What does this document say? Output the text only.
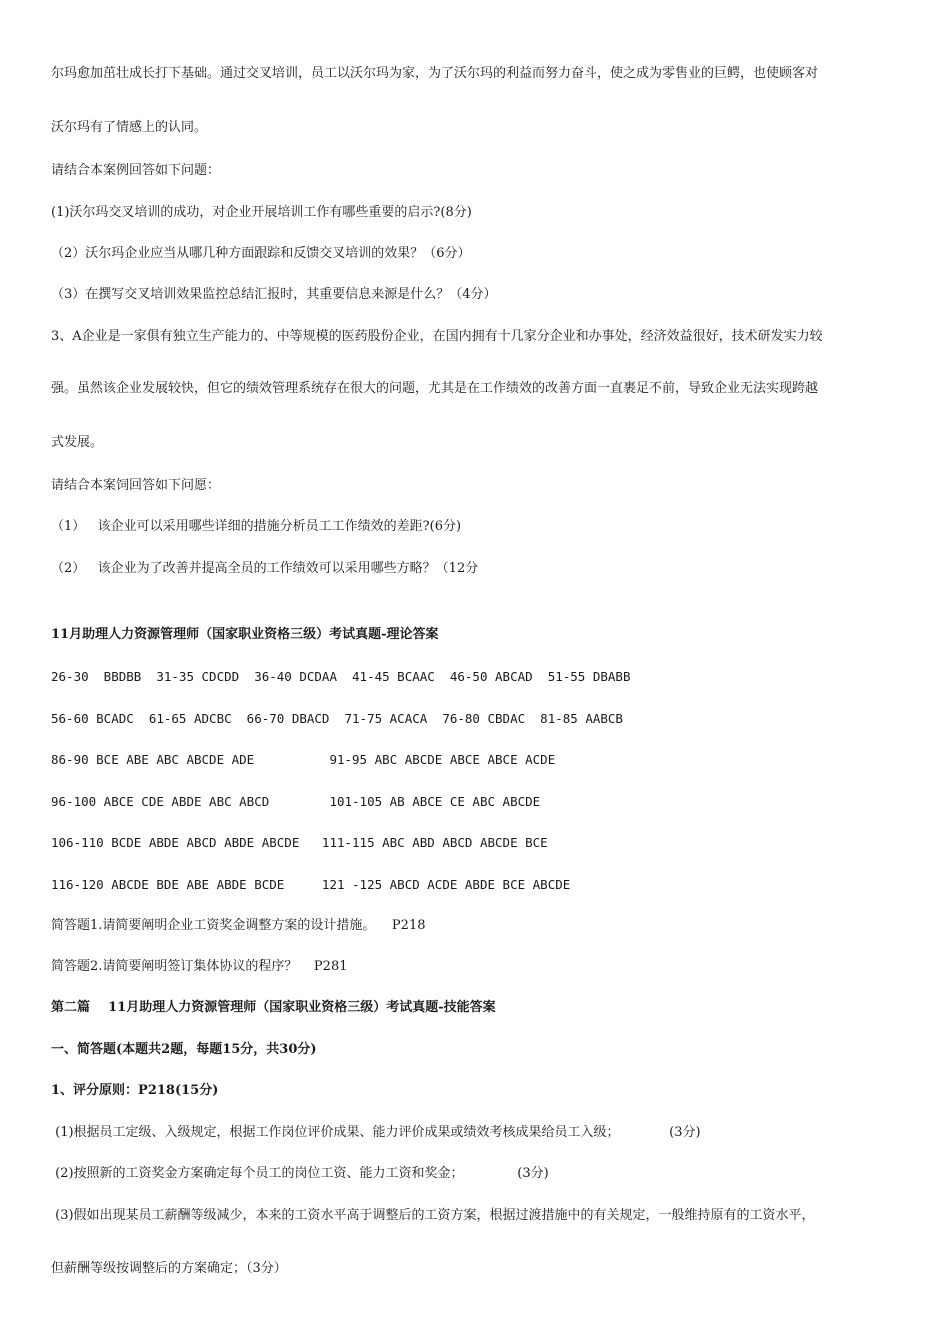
尔玛愈加茁壮成长打下基础。通过交叉培训，员工以沃尔玛为家，为了沃尔玛的利益而努力奋斗，使之成为零售业的巨鳄，也使顾客对
沃尔玛有了情感上的认同。
请结合本案例回答如下问题：
(1)沃尔玛交叉培训的成功，对企业开展培训工作有哪些重要的启示?(8分)
（2）沃尔玛企业应当从哪几种方面跟踪和反馈交叉培训的效果？（6分）
（3）在撰写交叉培训效果监控总结汇报时，其重要信息来源是什么？（4分）
3、A企业是一家俱有独立生产能力的、中等规模的医药股份企业，在国内拥有十几家分企业和办事处，经济效益很好，技术研发实力较
强。虽然该企业发展较快，但它的绩效管理系统存在很大的问题，尤其是在工作绩效的改善方面一直裹足不前，导致企业无法实现跨越
式发展。
请结合本案饲回答如下问愿：
（1）   该企业可以采用哪些详细的措施分析员工工作绩效的差距?(6分)
（2）   该企业为了改善并提高全员的工作绩效可以采用哪些方略？（12分
11月助理人力资源管理师（国家职业资格三级）考试真题-理论答案
26-30  BBDBB  31-35 CDCDD  36-40 DCDAA  41-45 BCAAC  46-50 ABCAD  51-55 DBABB
56-60 BCADC  61-65 ADCBC  66-70 DBACD  71-75 ACACA  76-80 CBDAC  81-85 AABCB
86-90 BCE ABE ABC ABCDE ADE          91-95 ABC ABCDE ABCE ABCE ACDE
96-100 ABCE CDE ABDE ABC ABCD        101-105 AB ABCE CE ABC ABCDE
106-110 BCDE ABDE ABCD ABDE ABCDE   111-115 ABC ABD ABCD ABCDE BCE
116-120 ABCDE BDE ABE ABDE BCDE     121 -125 ABCD ACDE ABDE BCE ABCDE
简答题1.请简要阐明企业工资奖金调整方案的设计措施。    P218
简答题2.请简要阐明签订集体协议的程序？    P281
第二篇    11月助理人力资源管理师（国家职业资格三级）考试真题-技能答案
一、简答题(本题共2题，每题15分，共30分)
1、评分原则：P218(15分)
(1)根据员工定级、入级规定，根据工作岗位评价成果、能力评价成果或绩效考核成果给员工入级；            (3分)
(2)按照新的工资奖金方案确定每个员工的岗位工资、能力工资和奖金；             (3分)
(3)假如出现某员工薪酬等级减少，本来的工资水平高于调整后的工资方案，根据过渡措施中的有关规定，一般维持原有的工资水平，
但薪酬等级按调整后的方案确定；（3分）
